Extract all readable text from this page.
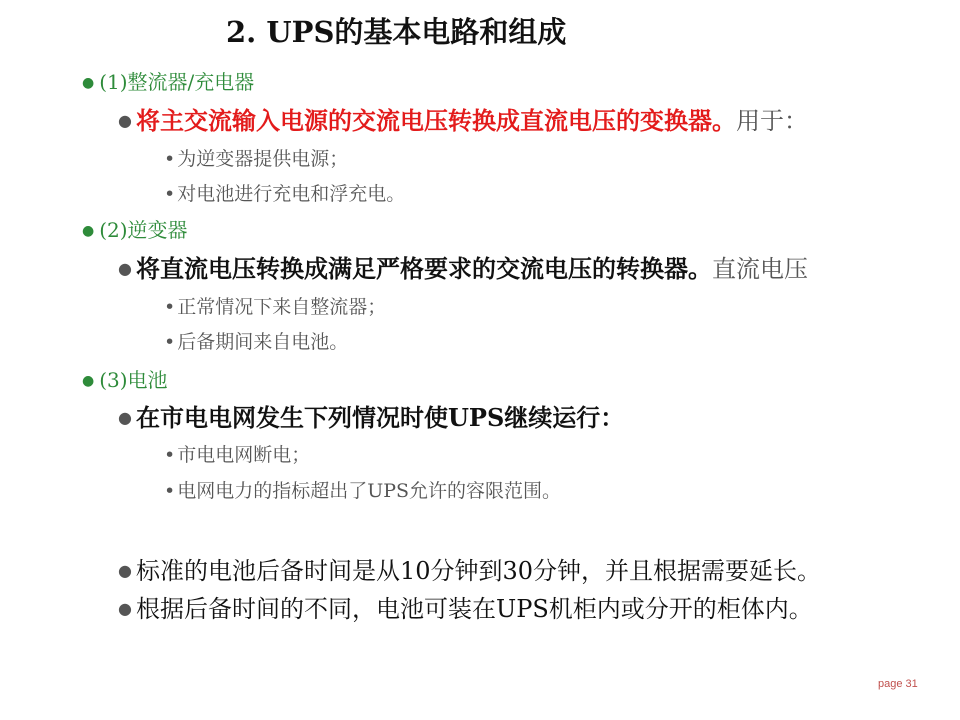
2. UPS的基本电路和组成
● (1)整流器/充电器
● 将主交流输入电源的交流电压转换成直流电压的变换器。用于：
• 为逆变器提供电源；
• 对电池进行充电和浮充电。
● (2)逆变器
● 将直流电压转换成满足严格要求的交流电压的转换器。直流电压
• 正常情况下来自整流器；
• 后备期间来自电池。
● (3)电池
● 在市电电网发生下列情况时使UPS继续运行：
• 市电电网断电；
• 电网电力的指标超出了UPS允许的容限范围。
● 标准的电池后备时间是从10分钟到30分钟，并且根据需要延长。
● 根据后备时间的不同，电池可装在UPS机柜内或分开的柜体内。
page 31
